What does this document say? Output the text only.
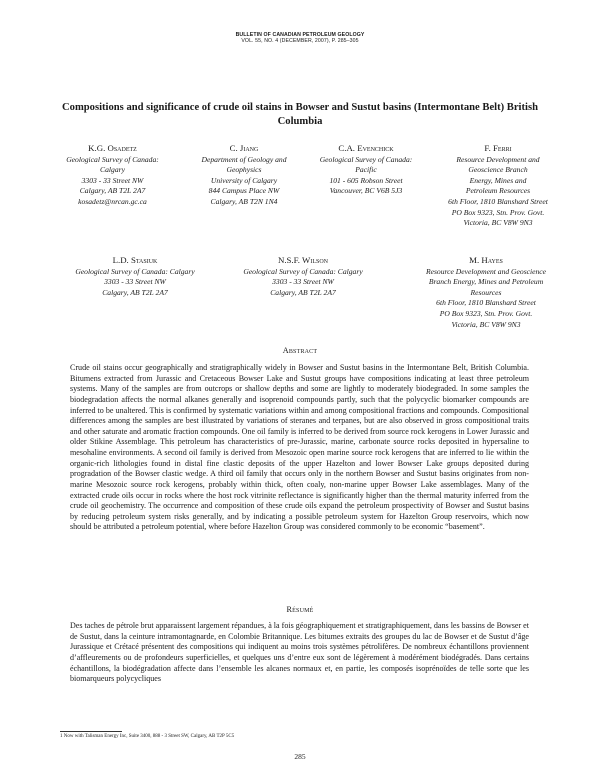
BULLETIN OF CANADIAN PETROLEUM GEOLOGY
VOL. 55, NO. 4 (DECEMBER, 2007), P. 285–305
Compositions and significance of crude oil stains in Bowser and Sustut basins (Intermontane Belt) British Columbia
K.G. Osadetz
Geological Survey of Canada:
Calgary
3303 - 33 Street NW
Calgary, AB T2L 2A7
kosadetz@nrcan.gc.ca
C. Jiang
Department of Geology and
Geophysics
University of Calgary
844 Campus Place NW
Calgary, AB T2N 1N4
C.A. Evenchick
Geological Survey of Canada:
Pacific
101 - 605 Robson Street
Vancouver, BC V6B 5J3
F. Ferri
Resource Development and
Geoscience Branch
Energy, Mines and
Petroleum Resources
6th Floor, 1810 Blanshard Street
PO Box 9323, Stn. Prov. Govt.
Victoria, BC V8W 9N3
L.D. Stasiuk
Geological Survey of Canada: Calgary
3303 - 33 Street NW
Calgary, AB T2L 2A7
N.S.F. Wilson
Geological Survey of Canada: Calgary
3303 - 33 Street NW
Calgary, AB T2L 2A7
M. Hayes
Resource Development and Geoscience
Branch Energy, Mines and Petroleum
Resources
6th Floor, 1810 Blanshard Street
PO Box 9323, Stn. Prov. Govt.
Victoria, BC V8W 9N3
Abstract
Crude oil stains occur geographically and stratigraphically widely in Bowser and Sustut basins in the Intermontane Belt, British Columbia. Bitumens extracted from Jurassic and Cretaceous Bowser Lake and Sustut groups have compositions indicating at least three petroleum systems. Many of the samples are from outcrops or shallow depths and some are lightly to moderately biodegraded. In some samples the biodegradation affects the normal alkanes generally and isoprenoid compounds partly, such that the polycyclic biomarker compounds are inferred to be unaltered. This is confirmed by systematic variations within and among compositional fractions and compounds. Compositional differences among the samples are best illustrated by variations of steranes and terpanes, but are also observed in gross compositional traits and other saturate and aromatic fraction compounds. One oil family is inferred to be derived from source rock kerogens in Lower Jurassic and older Stikine Assemblage. This petroleum has characteristics of pre-Jurassic, marine, carbonate source rocks deposited in hypersaline to mesohaline environments. A second oil family is derived from Mesozoic open marine source rock kerogens that are inferred to lie within the organic-rich lithologies found in distal fine clastic deposits of the upper Hazelton and lower Bowser Lake groups deposited during progradation of the Bowser clastic wedge. A third oil family that occurs only in the northern Bowser and Sustut basins originates from non-marine Mesozoic source rock kerogens, probably within thick, often coaly, non-marine upper Bowser Lake assemblages. Many of the extracted crude oils occur in rocks where the host rock vitrinite reflectance is significantly higher than the thermal maturity inferred from the crude oil geochemistry. The occurrence and composition of these crude oils expand the petroleum prospectivity of Bowser and Sustut basins by reducing petroleum system risks generally, and by indicating a possible petroleum system for Hazelton Group reservoirs, which now should be attributed a petroleum potential, where before Hazelton Group was considered commonly to be economic “basement”.
Résumé
Des taches de pétrole brut apparaissent largement répandues, à la fois géographiquement et stratigraphiquement, dans les bassins de Bowser et de Sustut, dans la ceinture intramontagnarde, en Colombie Britannique. Les bitumes extraits des groupes du lac de Bowser et de Sustut d’âge Jurassique et Crétacé présentent des compositions qui indiquent au moins trois systèmes pétrolifères. De nombreux échantillons proviennent d’affleurements ou de profondeurs superficielles, et quelques uns d’entre eux sont de légèrement à modérément biodégradés. Dans certains échantillons, la biodégradation affecte dans l’ensemble les alcanes normaux et, en partie, les composés isoprénoïdes de telle sorte que les biomarqueurs polycycliques
1 Now with Talisman Energy Inc, Suite 3400, 888 - 3 Street SW, Calgary, AB T2P 5C5
285
